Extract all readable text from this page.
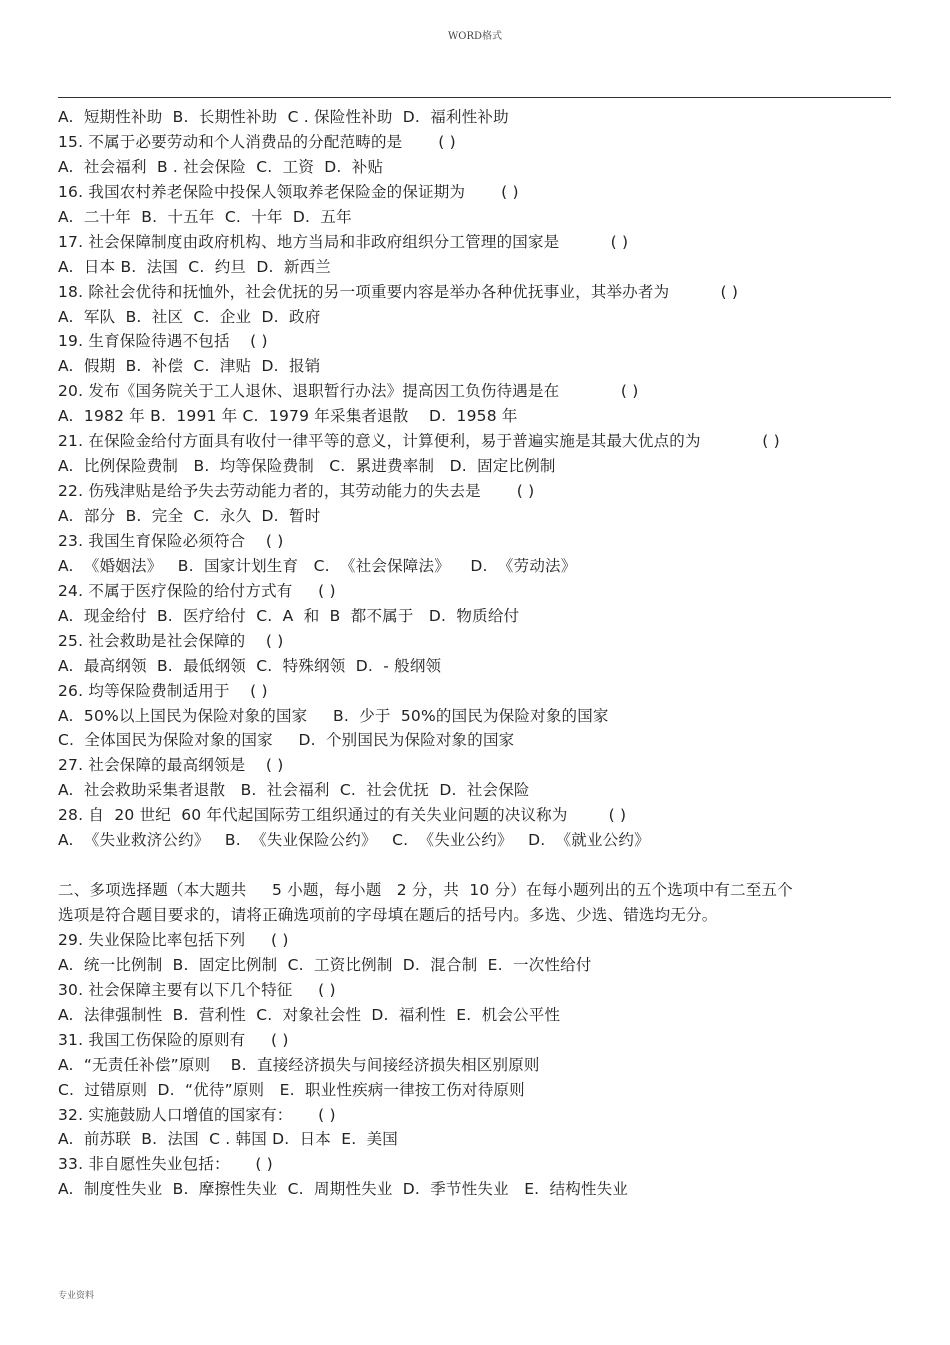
WORD格式
A.  短期性补助  B.  长期性补助  C . 保险性补助  D.  福利性补助
15. 不属于必要劳动和个人消费品的分配范畴的是       ( )
A.  社会福利  B . 社会保险  C.  工资  D.  补贴
16. 我国农村养老保险中投保人领取养老保险金的保证期为       ( )
A.  二十年  B.  十五年  C.  十年  D.  五年
17. 社会保障制度由政府机构、地方当局和非政府组织分工管理的国家是          ( )
A.  日本 B.  法国  C.  约旦  D.  新西兰
18. 除社会优待和抚恤外，社会优抚的另一项重要内容是举办各种优抚事业，其举办者为          ( )
A.  军队  B.  社区  C.  企业  D.  政府
19. 生育保险待遇不包括    ( )
A.  假期  B.  补偿  C.  津贴  D.  报销
20. 发布《国务院关于工人退休、退职暂行办法》提高因工负伤待遇是在            ( )
A.  1982 年 B.  1991 年 C.  1979 年采集者退散    D.  1958 年
21. 在保险金给付方面具有收付一律平等的意义，计算便利，易于普遍实施是其最大优点的为            ( )
A.  比例保险费制   B.  均等保险费制   C.  累进费率制   D.  固定比例制
22. 伤残津贴是给予失去劳动能力者的，其劳动能力的失去是       ( )
A.  部分  B.  完全  C.  永久  D.  暂时
23. 我国生育保险必须符合    ( )
A.  《婚姻法》   B.  国家计划生育   C.  《社会保障法》    D.  《劳动法》
24. 不属于医疗保险的给付方式有     ( )
A.  现金给付  B.  医疗给付  C.  A  和  B  都不属于   D.  物质给付
25. 社会救助是社会保障的    ( )
A.  最高纲领  B.  最低纲领  C.  特殊纲领  D.  - 般纲领
26. 均等保险费制适用于    ( )
A.  50%以上国民为保险对象的国家     B.  少于  50%的国民为保险对象的国家
C.  全体国民为保险对象的国家     D.  个别国民为保险对象的国家
27. 社会保障的最高纲领是    ( )
A.  社会救助采集者退散   B.  社会福利  C.  社会优抚  D.  社会保险
28. 自  20 世纪  60 年代起国际劳工组织通过的有关失业问题的决议称为        ( )
A.  《失业救济公约》   B.  《失业保险公约》   C.  《失业公约》   D.  《就业公约》
二、多项选择题（本大题共     5 小题，每小题   2 分，共  10 分）在每小题列出的五个选项中有二至五个
选项是符合题目要求的，请将正确选项前的字母填在题后的括号内。多选、少选、错选均无分。
29. 失业保险比率包括下列     ( )
A.  统一比例制  B.  固定比例制  C.  工资比例制  D.  混合制  E.  一次性给付
30. 社会保障主要有以下几个特征     ( )
A.  法律强制性  B.  营利性  C.  对象社会性  D.  福利性  E.  机会公平性
31. 我国工伤保险的原则有     ( )
A.  “无责任补偿”原则    B.  直接经济损失与间接经济损失相区别原则
C.  过错原则  D.  “优待”原则   E.  职业性疾病一律按工伤对待原则
32. 实施鼓励人口增值的国家有：     ( )
A.  前苏联  B.  法国  C . 韩国 D.  日本  E.  美国
33. 非自愿性失业包括：     ( )
A.  制度性失业  B.  摩擦性失业  C.  周期性失业  D.  季节性失业   E.  结构性失业
专业资料
